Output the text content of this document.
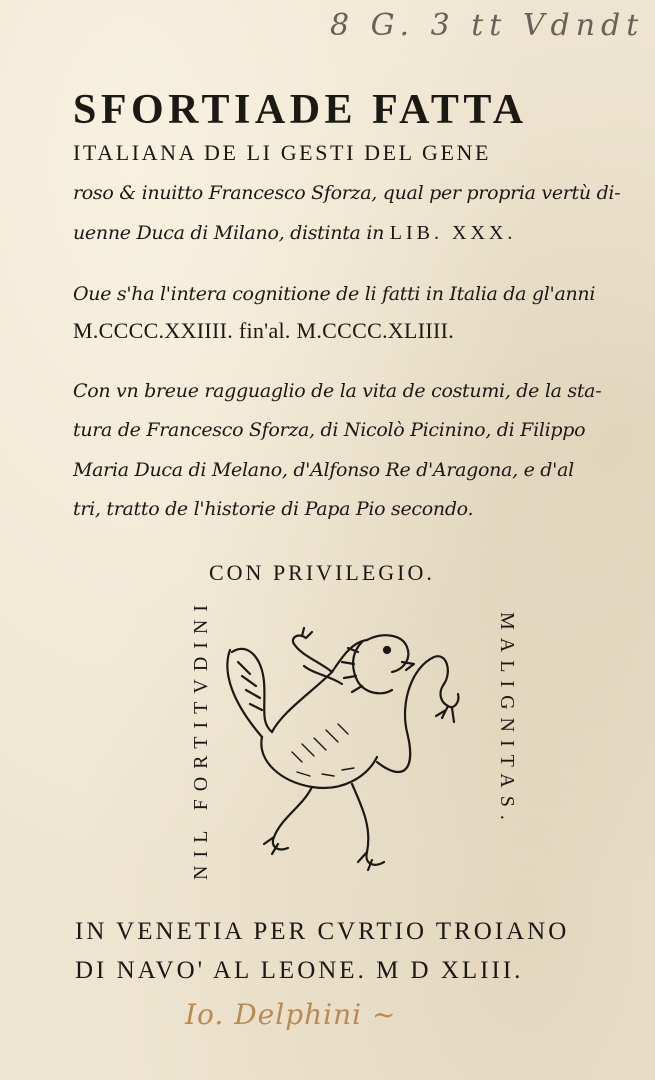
8 G. 3 tt Vdndt
SFORTIADE FATTA
ITALIANA DE LI GESTI DEL GENE
roso & inuitto Francesco Sforza, qual per propria vertù di-
uenne Duca di Milano, distinta in LIB. XXX.
Oue s'ha l'intera cognitione de li fatti in Italia da gl'anni
M.CCCC.XXIIII. fin'al. M.CCCC.XLIIII.
Con vn breue ragguaglio de la vita de costumi, de la sta-
tura de Francesco Sforza, di Nicolò Picinino, di Filippo
Maria Duca di Melano, d'Alfonso Re d'Aragona, e d'al
tri, tratto de l'historie di Papa Pio secondo.
CON PRIVILEGIO.
NIL FORTITVDINI	MALIGNITAS.
IN VENETIA PER CVRTIO TROIANO
DI NAVO' AL LEONE. M D XLIII.
Io. Delphini ~
